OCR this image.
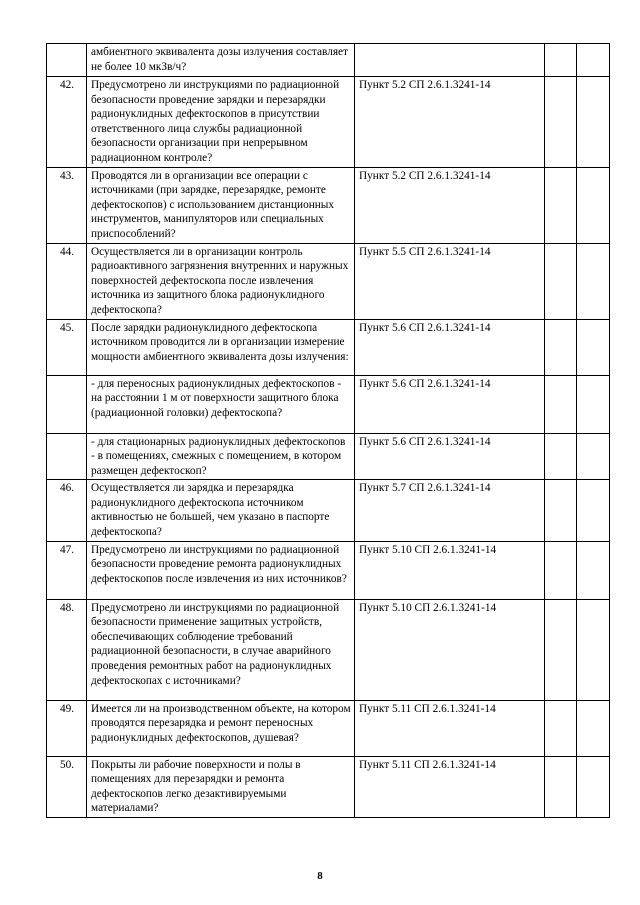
	амбиентного эквивалента дозы излучения составляет не более 10 мкЗв/ч?			
42.	Предусмотрено ли инструкциями по радиационной безопасности проведение зарядки и перезарядки радионуклидных дефектоскопов в присутствии ответственного лица службы радиационной безопасности организации при непрерывном радиационном контроле?	Пункт 5.2 СП 2.6.1.3241-14		
43.	Проводятся ли в организации все операции с источниками (при зарядке, перезарядке, ремонте дефектоскопов) с использованием дистанционных инструментов, манипуляторов или специальных приспособлений?	Пункт 5.2 СП 2.6.1.3241-14		
44.	Осуществляется ли в организации контроль радиоактивного загрязнения внутренних и наружных поверхностей дефектоскопа после извлечения источника из защитного блока радионуклидного дефектоскопа?	Пункт 5.5 СП 2.6.1.3241-14		
45.	После зарядки радионуклидного дефектоскопа источником проводится ли в организации измерение мощности амбиентного эквивалента дозы излучения:	Пункт 5.6 СП 2.6.1.3241-14		
	- для переносных радионуклидных дефектоскопов - на расстоянии 1 м от поверхности защитного блока (радиационной головки) дефектоскопа?	Пункт 5.6 СП 2.6.1.3241-14		
	- для стационарных радионуклидных дефектоскопов - в помещениях, смежных с помещением, в котором размещен дефектоскоп?	Пункт 5.6 СП 2.6.1.3241-14		
46.	Осуществляется ли зарядка и перезарядка радионуклидного дефектоскопа источником активностью не большей, чем указано в паспорте дефектоскопа?	Пункт 5.7 СП 2.6.1.3241-14		
47.	Предусмотрено ли инструкциями по радиационной безопасности проведение ремонта радионуклидных дефектоскопов после извлечения из них источников?	Пункт 5.10 СП 2.6.1.3241-14		
48.	Предусмотрено ли инструкциями по радиационной безопасности применение защитных устройств, обеспечивающих соблюдение требований радиационной безопасности, в случае аварийного проведения ремонтных работ на радионуклидных дефектоскопах с источниками?	Пункт 5.10 СП 2.6.1.3241-14		
49.	Имеется ли на производственном объекте, на котором проводятся перезарядка и ремонт переносных радионуклидных дефектоскопов, душевая?	Пункт 5.11 СП 2.6.1.3241-14		
50.	Покрыты ли рабочие поверхности и полы в помещениях для перезарядки и ремонта дефектоскопов легко дезактивируемыми материалами?	Пункт 5.11 СП 2.6.1.3241-14		
8
